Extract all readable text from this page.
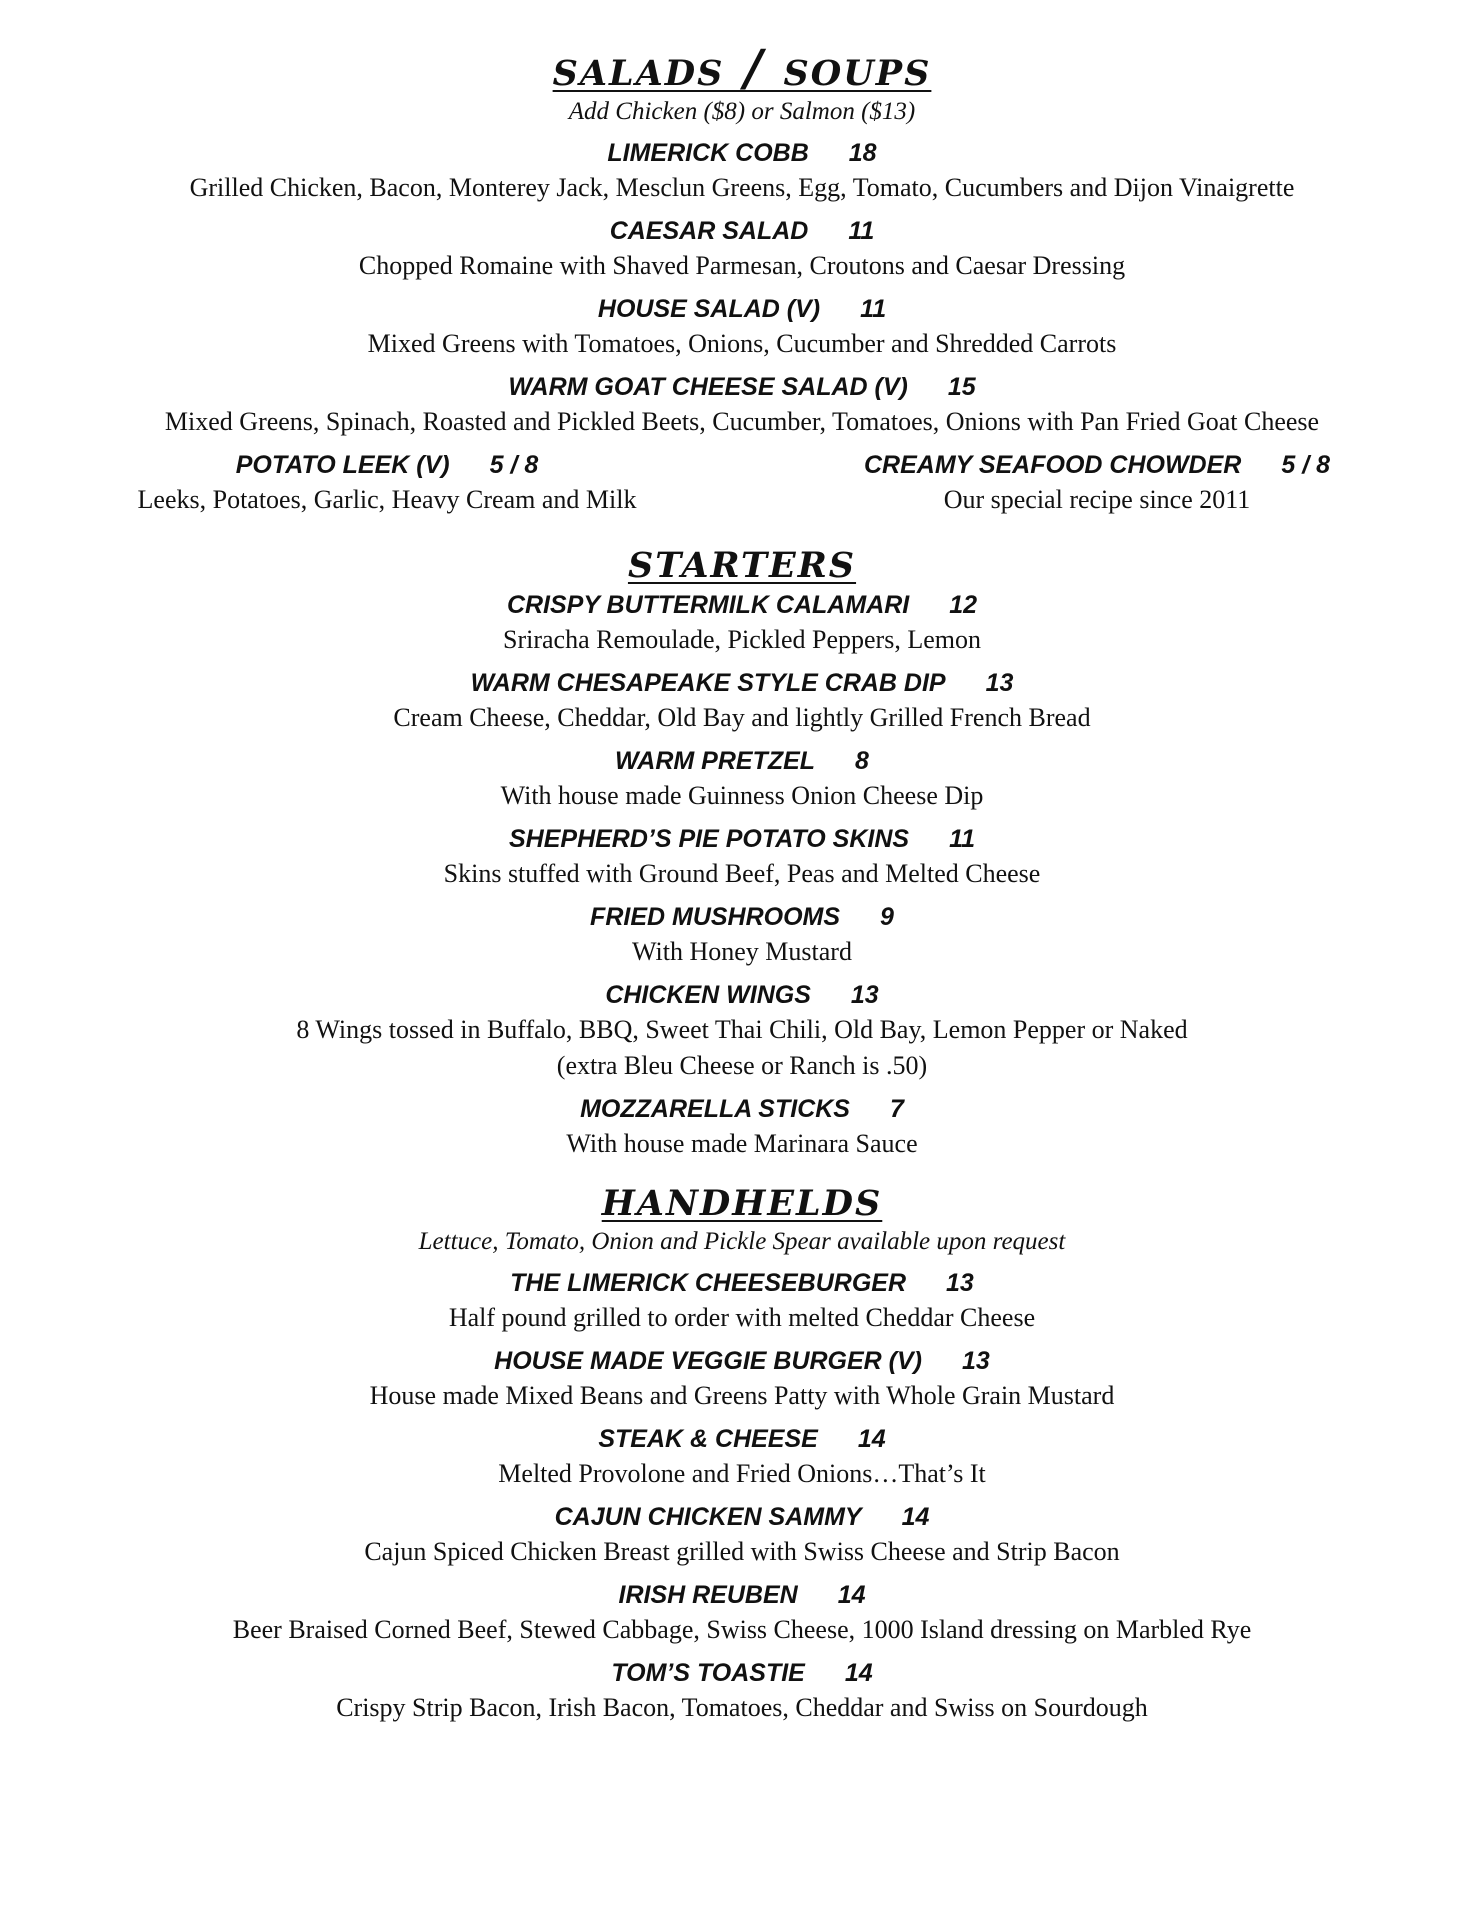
salads / soups

Add Chicken ($8) or Salmon ($13)

LIMERICK COBB 18

Grilled Chicken, Bacon, Monterey Jack, Mesclun Greens, Egg, Tomato, Cucumbers and Dijon Vinaigrette

CAESAR SALAD 11

Chopped Romaine with Shaved Parmesan, Croutons and Caesar Dressing

HOUSE SALAD (V) 11

Mixed Greens with Tomatoes, Onions, Cucumber and Shredded Carrots

WARM GOAT CHEESE SALAD (V) 15

Mixed Greens, Spinach, Roasted and Pickled Beets, Cucumber, Tomatoes, Onions with Pan Fried Goat Cheese

POTATO LEEK (V) 5 / 8

Leeks, Potatoes, Garlic, Heavy Cream and Milk

CREAMY SEAFOOD CHOWDER 5 / 8

Our special recipe since 2011

starters

CRISPY BUTTERMILK CALAMARI 12

Sriracha Remoulade, Pickled Peppers, Lemon

WARM CHESAPEAKE STYLE CRAB DIP 13

Cream Cheese, Cheddar, Old Bay and lightly Grilled French Bread

WARM PRETZEL 8

With house made Guinness Onion Cheese Dip

SHEPHERD’S PIE POTATO SKINS 11

Skins stuffed with Ground Beef, Peas and Melted Cheese

FRIED MUSHROOMS 9

With Honey Mustard

CHICKEN WINGS 13

8 Wings tossed in Buffalo, BBQ, Sweet Thai Chili, Old Bay, Lemon Pepper or Naked

(extra Bleu Cheese or Ranch is .50)

MOZZARELLA STICKS 7

With house made Marinara Sauce

handhelds

Lettuce, Tomato, Onion and Pickle Spear available upon request

THE LIMERICK CHEESEBURGER 13

Half pound grilled to order with melted Cheddar Cheese

HOUSE MADE VEGGIE BURGER (V) 13

House made Mixed Beans and Greens Patty with Whole Grain Mustard

STEAK & CHEESE 14

Melted Provolone and Fried Onions…That’s It

CAJUN CHICKEN SAMMY 14

Cajun Spiced Chicken Breast grilled with Swiss Cheese and Strip Bacon

IRISH REUBEN 14

Beer Braised Corned Beef, Stewed Cabbage, Swiss Cheese, 1000 Island dressing on Marbled Rye

TOM’S TOASTIE 14

Crispy Strip Bacon, Irish Bacon, Tomatoes, Cheddar and Swiss on Sourdough
